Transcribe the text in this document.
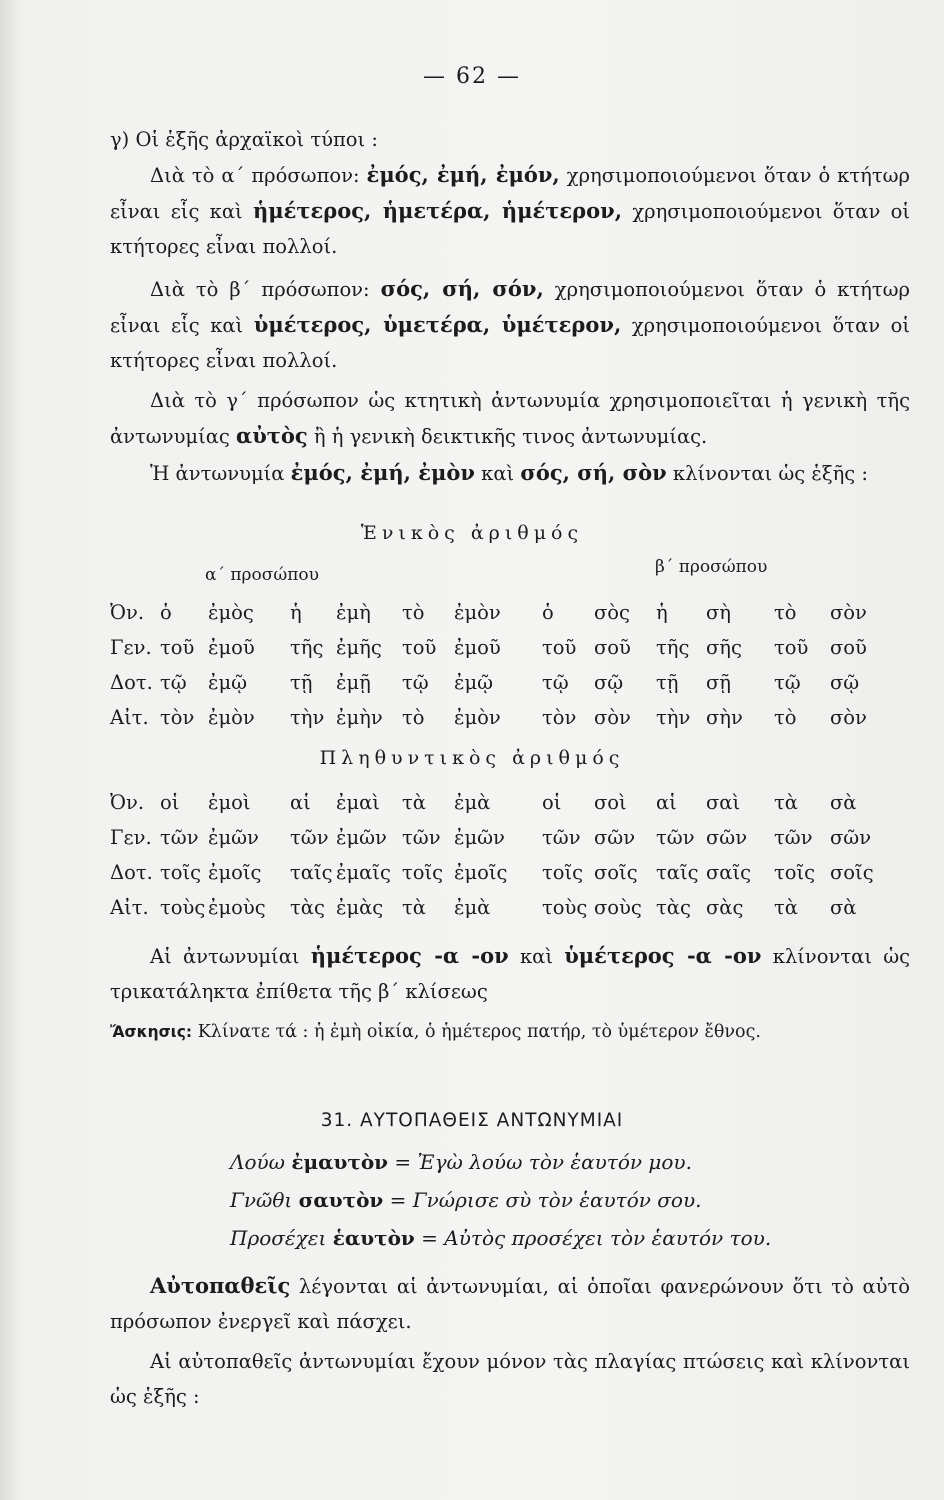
— 62 —

γ) Οἱ ἑξῆς ἀρχαϊκοὶ τύποι :

Διὰ τὸ α΄ πρόσωπον: ἐμός, ἐμή, ἐμόν, χρησιμοποιούμενοι ὅταν ὁ κτήτωρ εἶναι εἷς καὶ ἡμέτερος, ἡμετέρα, ἡμέτερον, χρησιμοποιούμενοι ὅταν οἱ κτήτορες εἶναι πολλοί.

Διὰ τὸ β΄ πρόσωπον: σός, σή, σόν, χρησιμοποιούμενοι ὅταν ὁ κτήτωρ εἶναι εἷς καὶ ὑμέτερος, ὑμετέρα, ὑμέτερον, χρησιμοποιούμενοι ὅταν οἱ κτήτορες εἶναι πολλοί.

Διὰ τὸ γ΄ πρόσωπον ὡς κτητικὴ ἀντωνυμία χρησιμοποιεῖται ἡ γενικὴ τῆς ἀντωνυμίας αὐτὸς ἢ ἡ γενικὴ δεικτικῆς τινος ἀντωνυμίας.

Ἡ ἀντωνυμία ἐμός, ἐμή, ἐμὸν καὶ σός, σή, σὸν κλίνονται ὡς ἑξῆς :

Ἑνικὸς ἀριθμός
α΄ προσώπου	β΄ προσώπου
Ὀν.	ὁ	ἐμὸς	ἡ	ἐμὴ	τὸ	ἐμὸν	ὁ	σὸς	ἡ	σὴ	τὸ	σὸν
Γεν.	τοῦ	ἐμοῦ	τῆς	ἐμῆς	τοῦ	ἐμοῦ	τοῦ	σοῦ	τῆς	σῆς	τοῦ	σοῦ
Δοτ.	τῷ	ἐμῷ	τῇ	ἐμῇ	τῷ	ἐμῷ	τῷ	σῷ	τῇ	σῇ	τῷ	σῷ
Αἰτ.	τὸν	ἐμὸν	τὴν	ἐμὴν	τὸ	ἐμὸν	τὸν	σὸν	τὴν	σὴν	τὸ	σὸν
Πληθυντικὸς ἀριθμός
Ὀν.	οἱ	ἐμοὶ	αἱ	ἐμαὶ	τὰ	ἐμὰ	οἱ	σοὶ	αἱ	σαὶ	τὰ	σὰ
Γεν.	τῶν	ἐμῶν	τῶν	ἐμῶν	τῶν	ἐμῶν	τῶν	σῶν	τῶν	σῶν	τῶν	σῶν
Δοτ.	τοῖς	ἐμοῖς	ταῖς	ἐμαῖς	τοῖς	ἐμοῖς	τοῖς	σοῖς	ταῖς	σαῖς	τοῖς	σοῖς
Αἰτ.	τοὺς	ἐμοὺς	τὰς	ἐμὰς	τὰ	ἐμὰ	τοὺς	σοὺς	τὰς	σὰς	τὰ	σὰ

Αἱ ἀντωνυμίαι ἡμέτερος -α -ον καὶ ὑμέτερος -α -ον κλίνονται ὡς τρικατάληκτα ἐπίθετα τῆς β΄ κλίσεως

Ἄσκησις: Κλίνατε τά : ἡ ἐμὴ οἰκία, ὁ ἡμέτερος πατήρ, τὸ ὑμέτερον ἔθνος.

31. ΑΥΤΟΠΑΘΕΙΣ ΑΝΤΩΝΥΜΙΑΙ
Λούω ἐμαυτὸν = Ἐγὼ λούω τὸν ἑαυτόν μου.
Γνῶθι σαυτὸν = Γνώρισε σὺ τὸν ἑαυτόν σου.
Προσέχει ἑαυτὸν = Αὐτὸς προσέχει τὸν ἑαυτόν του.

Αὐτοπαθεῖς λέγονται αἱ ἀντωνυμίαι, αἱ ὁποῖαι φανερώνουν ὅτι τὸ αὐτὸ πρόσωπον ἐνεργεῖ καὶ πάσχει.

Αἱ αὐτοπαθεῖς ἀντωνυμίαι ἔχουν μόνον τὰς πλαγίας πτώσεις καὶ κλίνονται ὡς ἑξῆς :
